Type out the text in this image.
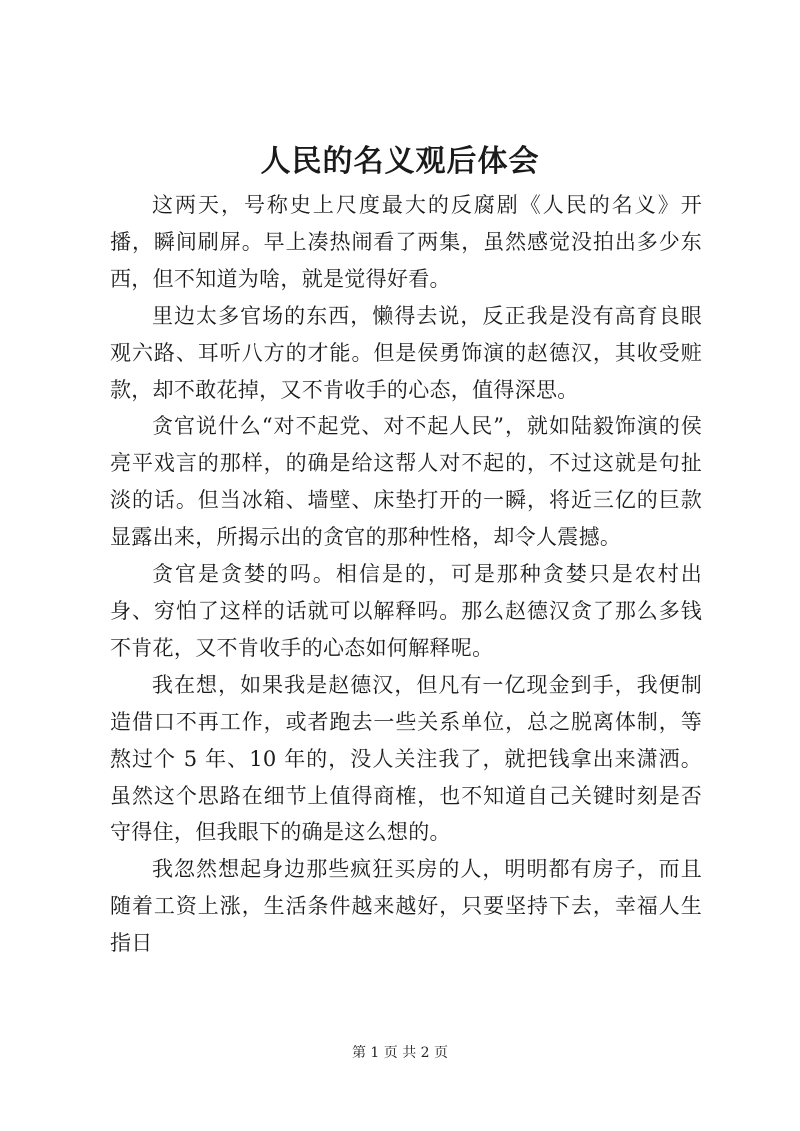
人民的名义观后体会

这两天，号称史上尺度最大的反腐剧《人民的名义》开播，瞬间刷屏。早上凑热闹看了两集，虽然感觉没拍出多少东西，但不知道为啥，就是觉得好看。

里边太多官场的东西，懒得去说，反正我是没有高育良眼观六路、耳听八方的才能。但是侯勇饰演的赵德汉，其收受赃款，却不敢花掉，又不肯收手的心态，值得深思。

贪官说什么“对不起党、对不起人民”，就如陆毅饰演的侯亮平戏言的那样，的确是给这帮人对不起的，不过这就是句扯淡的话。但当冰箱、墙壁、床垫打开的一瞬，将近三亿的巨款显露出来，所揭示出的贪官的那种性格，却令人震撼。

贪官是贪婪的吗。相信是的，可是那种贪婪只是农村出身、穷怕了这样的话就可以解释吗。那么赵德汉贪了那么多钱不肯花，又不肯收手的心态如何解释呢。

我在想，如果我是赵德汉，但凡有一亿现金到手，我便制造借口不再工作，或者跑去一些关系单位，总之脱离体制，等熬过个 5 年、10 年的，没人关注我了，就把钱拿出来潇洒。虽然这个思路在细节上值得商榷，也不知道自己关键时刻是否守得住，但我眼下的确是这么想的。

我忽然想起身边那些疯狂买房的人，明明都有房子，而且随着工资上涨，生活条件越来越好，只要坚持下去，幸福人生指日

第 1 页 共 2 页
